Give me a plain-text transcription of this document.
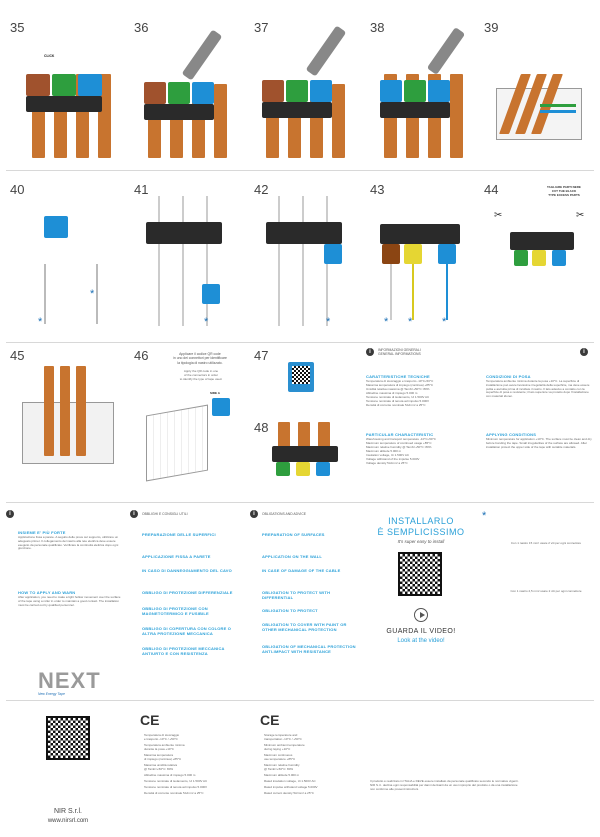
35
CLICK
36	37	38	39
40
*
*
41
*
42
*
43
* *	*
44	TAGLIARE PARTI NERE
CUT THE BLACK
TYPE EXCESS PARTS
✂	✂
45	46	Applicare il codice QR code
in uno dei connettori per identificare
la tipologia di nastro utilizzato.
Apply the QR code in one
of the connectors in order
to identify the type of tape used.
SIDE A
47
48
i	i
INFORMAZIONI GENERALI
GENERAL INFORMATIONS
CARATTERISTICHE TECNICHE
Temperatura di stoccaggio e trasporto -10°C÷50°C
Massima temperatura di impiego (continua) +85°C
Umidità relativa massima @ Tamb=+50°C: 80%
Altitudine massima di impiego 5.000 m
Tensione nominale di isolamento, Ui 1.500V AC
Tensione nominale di tenuta ad impulso 5.000V
Densità di corrente nominale 5A/mm² a 25°C
PARTICULAR CHARACTERISTIC
Warehousing and transport temperature -10°C÷50°C
Maximum temperature of continued usage +85°C
Maximum relative humidity @ Tamb=+50°C: 80%
Maximum altitude 5.000 m
Insulation voltage, Ui 1.500V AC
Voltage withstand of the impulse 5.000V
Voltage density 5A/mm² a 25°C
CONDIZIONI DI POSA
Temperatura ambiente minima durante la posa +10°C. La superficie di installazione può avere lievissime irregolarità della superficie, ma deve essere pulita e asciutta prima di incollare il nastro. Il lato adesivo a contatto con la superficie di posa è resistente; il lato superiore va protetto dopo l'installazione con materiali idonei.
APPLYING CONDITIONS
Minimum temperature for application +10°C. The surface must be clean and dry before bonding the tape. Small irregularities of the surface are allowed. After installation protect the upper side of the tape with suitable materials.
i
INSIEME E' PIÙ FORTE
Applicazione fissa a parete. A seguito delle prove sul supporto, utilizzare un adeguato primer. Il collegamento del nastro alla rete elettrica deve essere eseguito da personale qualificato. Verificare la continuità elettrica dopo ogni giunzione.
HOW TO APPLY AND WARN
After application, you need to make a light hollow movement over the surface of the tape using a roller in order to maintain a good contact. The installation must be carried out by qualified personnel.
NEXT
New Energy Tape
i	OBBLIGHI E CONSIGLI UTILI
PREPARAZIONE DELLE SUPERFICI
APPLICAZIONE FISSA A PARETE
IN CASO DI DANNEGGIAMENTO DEL CAVO
OBBLIGO DI PROTEZIONE DIFFERENZIALE
OBBLIGO DI PROTEZIONE CON MAGNETOTERMICO E FUSIBILE
OBBLIGO DI COPERTURA CON COLORE O ALTRA PROTEZIONE MECCANICA
OBBLIGO DI PROTEZIONE MECCANICA ANTIURTO E CON RESISTENZA
i	OBLIGATIONS AND ADVICE
PREPARATION OF SURFACES
APPLICATION ON THE WALL
IN CASE OF DAMAGE OF THE CABLE
OBLIGATION TO PROTECT WITH DIFFERENTIAL
OBLIGATION TO PROTECT
OBLIGATION TO COVER WITH PAINT OR OTHER MECHANICAL PROTECTION
OBLIGATION OF MECHANICAL PROTECTION ANTI-IMPACT WITH RESISTANCE
INSTALLARLO
È SEMPLICISSIMO
It's super easy to install
GUARDA IL VIDEO!
Look at the video!
*
Con 1 nastro 15 mm² usare 2 viti per ogni connettore
Con 1 nastro 2,5 mm² usare 2 viti per ogni connettore
NIR S.r.l.
www.nirsrl.com
CE
Temperatura di stoccaggio
e trasporto -10°C / +50°C
Temperatura ambiente minima
durante la posa +10°C
Massima temperatura
di impiego (continua) +85°C
Massima umidità relativa
@ Tamb=+50°C: 80%
Altitudine massima di impiego 5.000 m
Tensione nominale di isolamento, Ui 1.500V AC
Tensione nominale di tenuta ad impulso 5.000V
Densità di corrente nominale 5A/mm² a 25°C
CE
Storage temperature and
transportation -10°C / +50°C
Minimum ambient temperature
during laying +10°C
Maximum continuous
use temperature +85°C
Maximum relative humidity
@ Tamb=+50°C: 80%
Maximum altitude 5.000 m
Rated insulation voltage, Ui 1.500V AC
Rated impulse withstand voltage 5.000V
Rated current density 5A/mm² a 25°C
Il prodotto è realizzato in ITALIA e DEVE essere installato da personale qualificato secondo le normative vigenti. NIR S.r.l. declina ogni responsabilità per danni derivanti da un uso improprio del prodotto o da una installazione non conforme alle presenti istruzioni.
